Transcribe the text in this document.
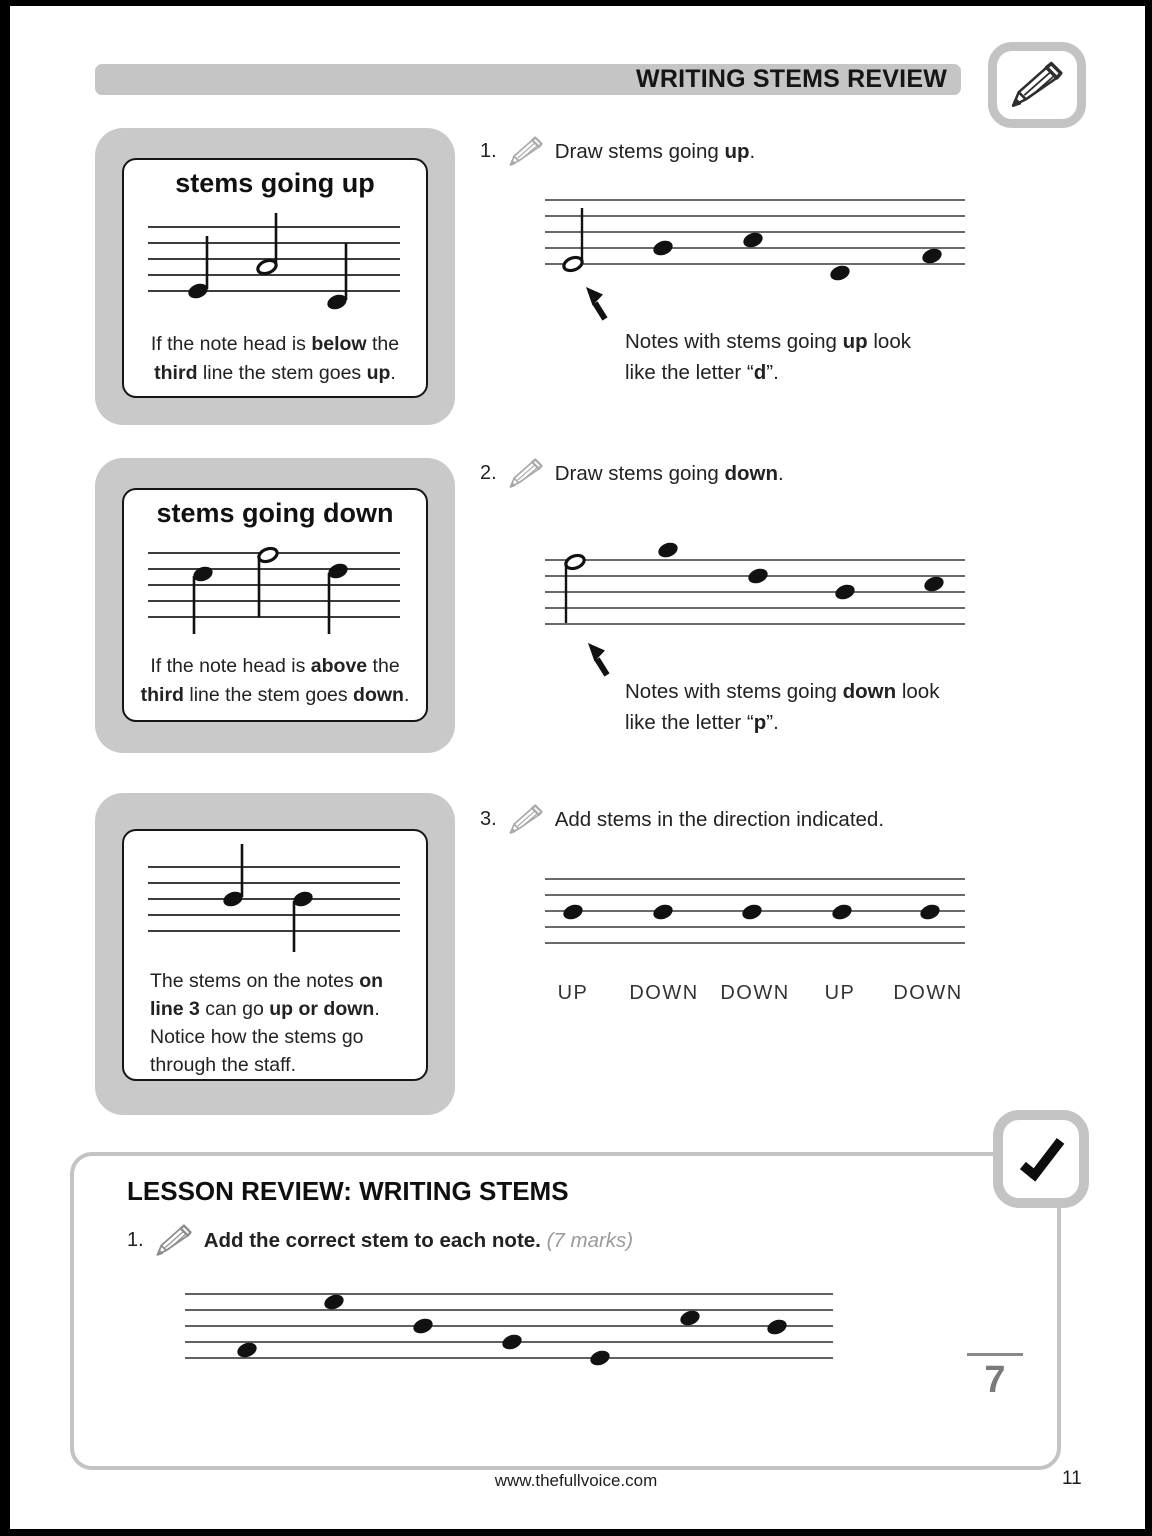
WRITING STEMS REVIEW
stems going up
If the note head is below the
third line the stem goes up.
stems going down
If the note head is above the
third line the stem goes down.
The stems on the notes on
line 3 can go up or down.
Notice how the stems go
through the staff.
1.	Draw stems going up.
Notes with stems going up look
like the letter “d”.
2.	Draw stems going down.
Notes with stems going down look
like the letter “p”.
3.	Add stems in the direction indicated.
UP DOWN DOWN UP DOWN
LESSON REVIEW: WRITING STEMS
1.	Add the correct stem to each note. (7 marks)
7
www.thefullvoice.com	11
